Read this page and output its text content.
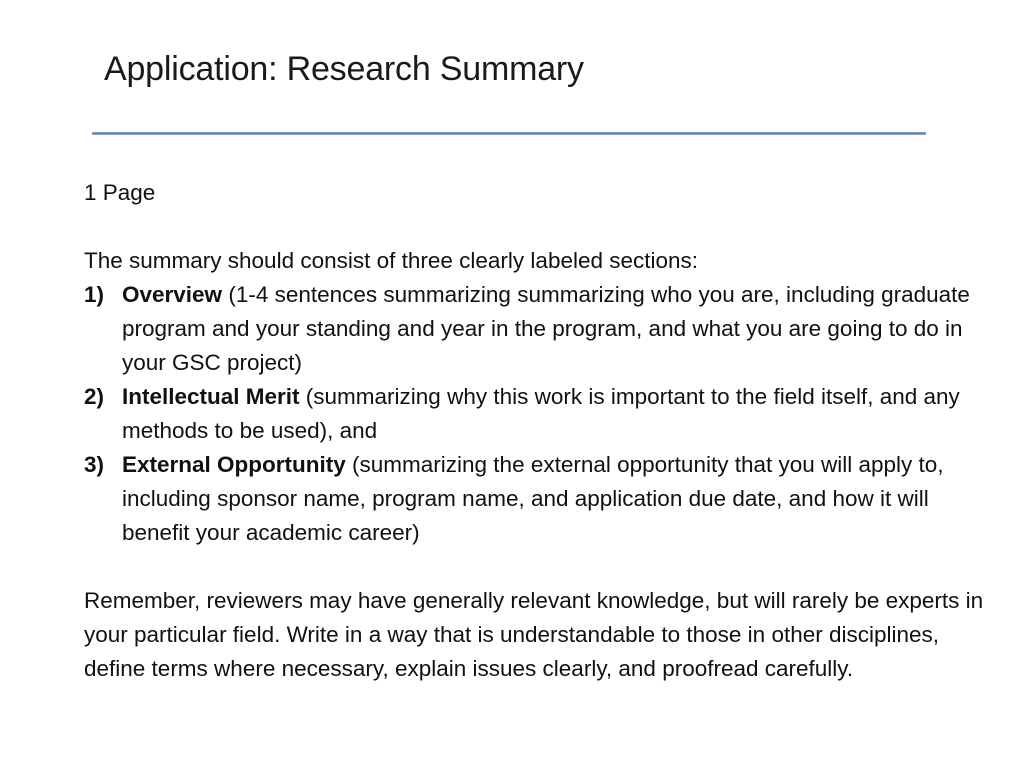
Application: Research Summary

1 Page

The summary should consist of three clearly labeled sections:

1) Overview (1-4 sentences summarizing summarizing who you are, including graduate program and your standing and year in the program, and what you are going to do in your GSC project)
2) Intellectual Merit (summarizing why this work is important to the field itself, and any methods to be used), and
3) External Opportunity (summarizing the external opportunity that you will apply to, including sponsor name, program name, and application due date, and how it will benefit your academic career)

Remember, reviewers may have generally relevant knowledge, but will rarely be experts in your particular field. Write in a way that is understandable to those in other disciplines, define terms where necessary, explain issues clearly, and proofread carefully.
